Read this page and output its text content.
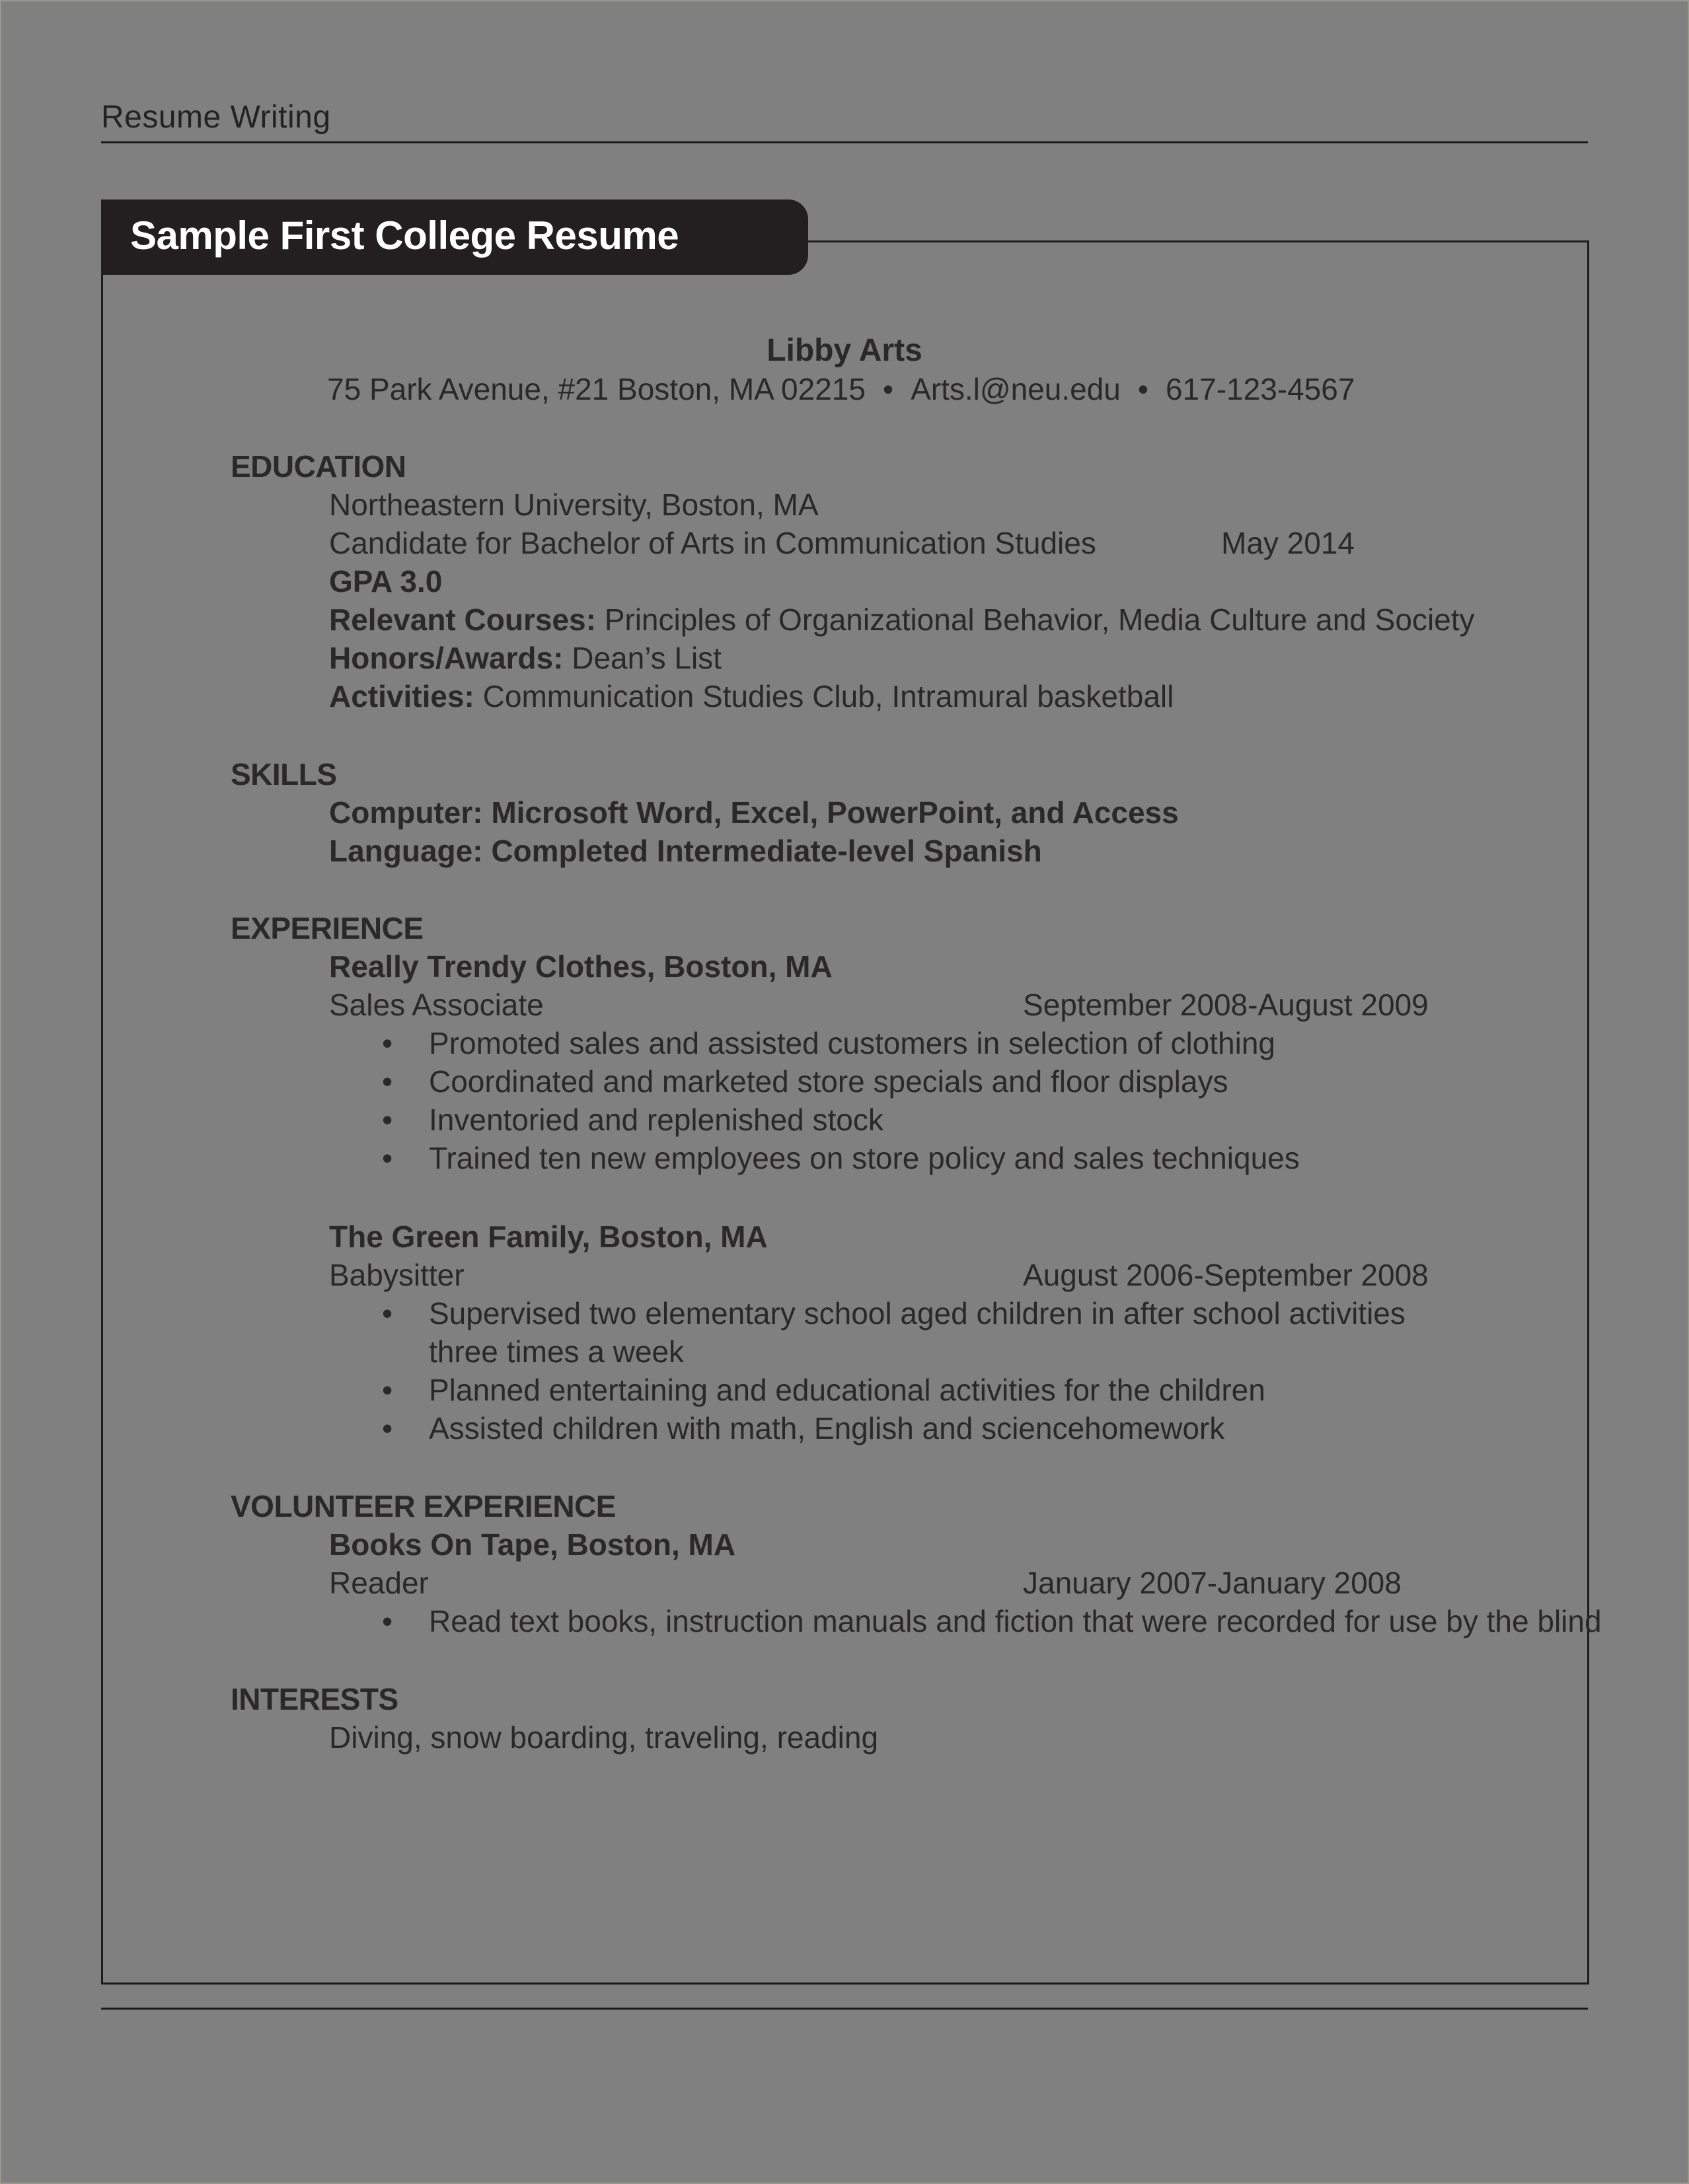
Resume Writing
Sample First College Resume
Libby Arts
75 Park Avenue, #21 Boston, MA 02215 • Arts.l@neu.edu • 617-123-4567
EDUCATION
Northeastern University, Boston, MA
Candidate for Bachelor of Arts in Communication Studies	May 2014
GPA 3.0
Relevant Courses: Principles of Organizational Behavior, Media Culture and Society
Honors/Awards: Dean’s List
Activities: Communication Studies Club, Intramural basketball
SKILLS
Computer: Microsoft Word, Excel, PowerPoint, and Access
Language: Completed Intermediate-level Spanish
EXPERIENCE
Really Trendy Clothes, Boston, MA
Sales Associate	September 2008-August 2009
• Promoted sales and assisted customers in selection of clothing
• Coordinated and marketed store specials and floor displays
• Inventoried and replenished stock
• Trained ten new employees on store policy and sales techniques
The Green Family, Boston, MA
Babysitter	August 2006-September 2008
• Supervised two elementary school aged children in after school activities
three times a week
• Planned entertaining and educational activities for the children
• Assisted children with math, English and sciencehomework
VOLUNTEER EXPERIENCE
Books On Tape, Boston, MA
Reader	January 2007-January 2008
• Read text books, instruction manuals and fiction that were recorded for use by the blind
INTERESTS
Diving, snow boarding, traveling, reading
